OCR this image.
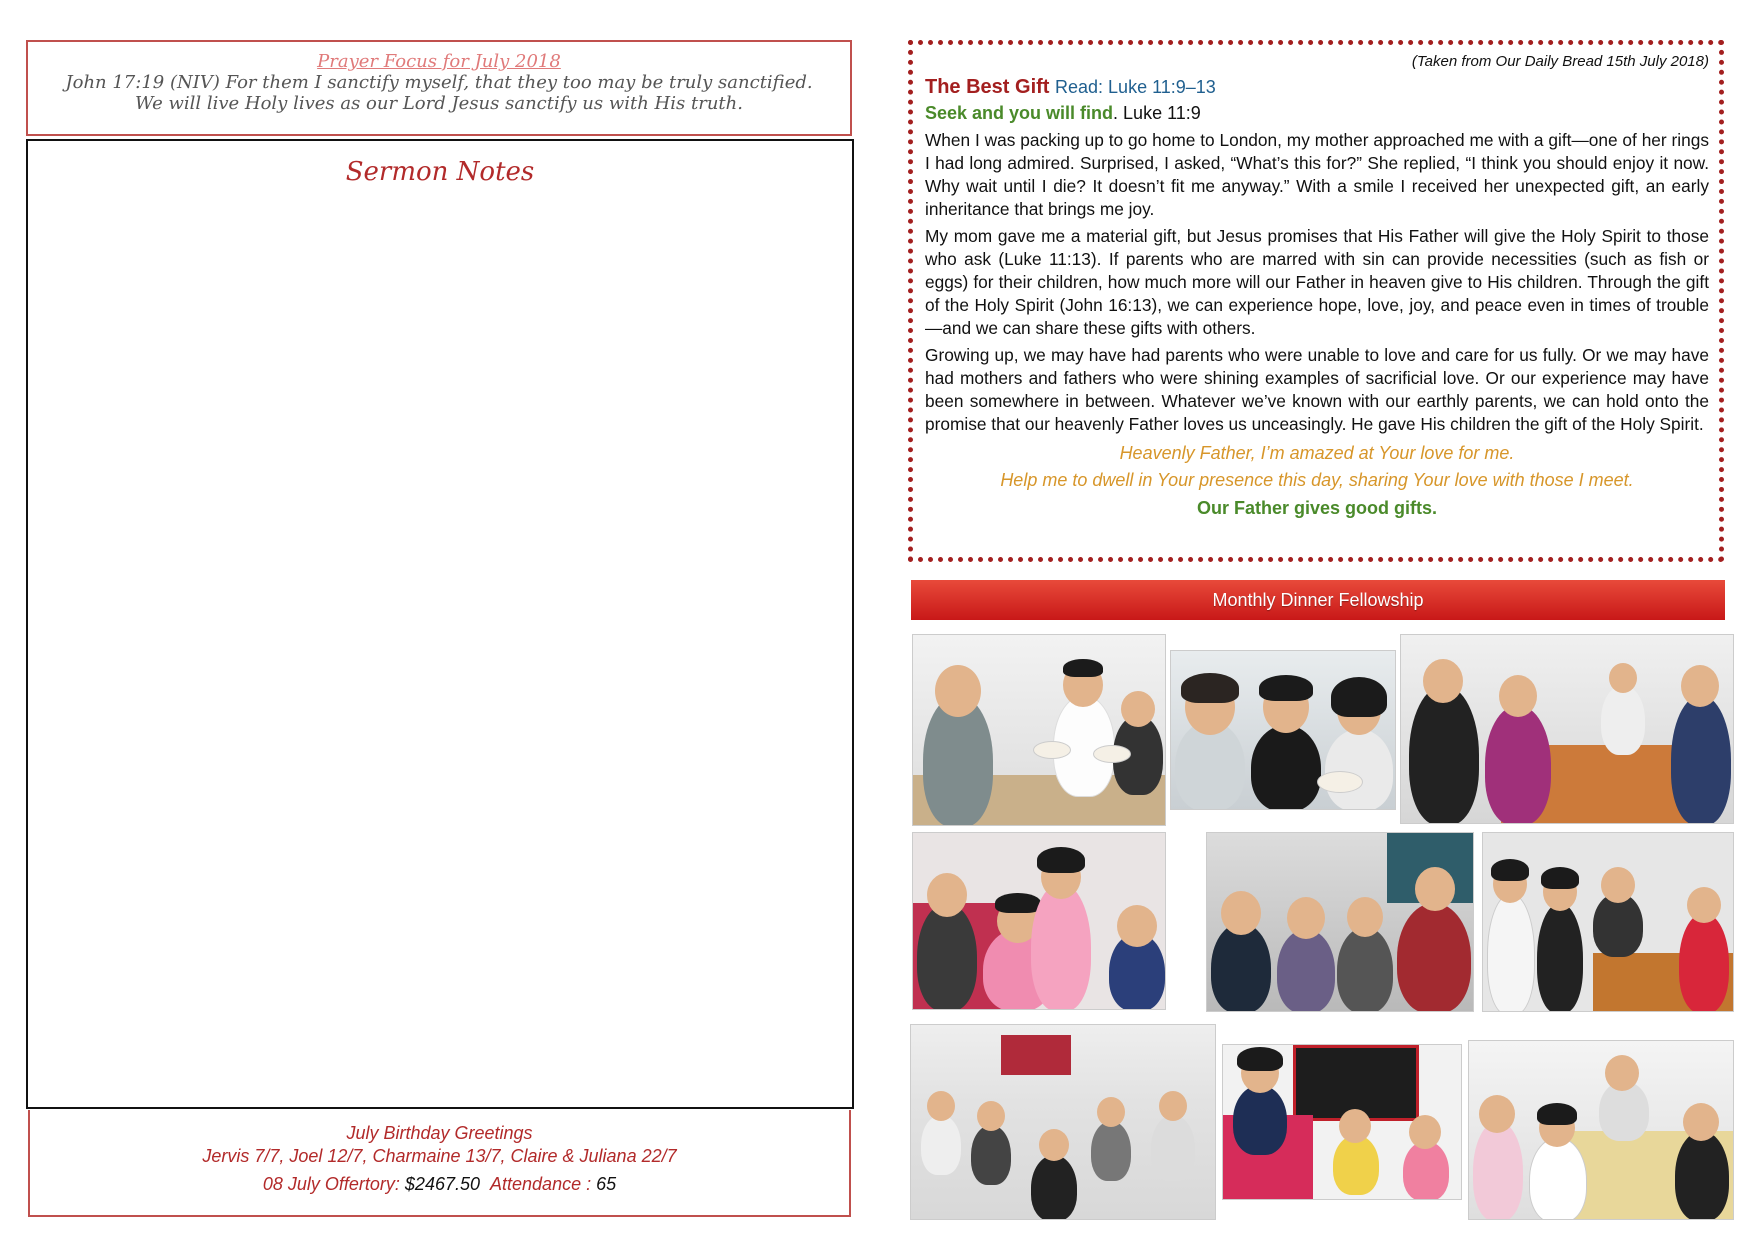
Prayer Focus for July 2018
John 17:19 (NIV) For them I sanctify myself, that they too may be truly sanctified.
We will live Holy lives as our Lord Jesus sanctify us with His truth.
Sermon Notes
July Birthday Greetings
Jervis 7/7, Joel 12/7, Charmaine 13/7, Claire & Juliana 22/7
08 July Offertory: $2467.50 Attendance : 65
(Taken from Our Daily Bread 15th July 2018)
The Best Gift Read: Luke 11:9–13
Seek and you will find. Luke 11:9

When I was packing up to go home to London, my mother approached me with a gift—one of her rings I had long admired. Surprised, I asked, “What’s this for?” She replied, “I think you should enjoy it now. Why wait until I die? It doesn’t fit me anyway.” With a smile I received her unexpected gift, an early inheritance that brings me joy.

My mom gave me a material gift, but Jesus promises that His Father will give the Holy Spirit to those who ask (Luke 11:13). If parents who are marred with sin can provide necessities (such as fish or eggs) for their children, how much more will our Father in heaven give to His children. Through the gift of the Holy Spirit (John 16:13), we can experience hope, love, joy, and peace even in times of trouble—and we can share these gifts with others.

Growing up, we may have had parents who were unable to love and care for us fully. Or we may have had mothers and fathers who were shining examples of sacrificial love. Or our experience may have been somewhere in between. Whatever we’ve known with our earthly parents, we can hold onto the promise that our heavenly Father loves us unceasingly. He gave His children the gift of the Holy Spirit.

Heavenly Father, I’m amazed at Your love for me.
Help me to dwell in Your presence this day, sharing Your love with those I meet.
Our Father gives good gifts.
Monthly Dinner Fellowship
